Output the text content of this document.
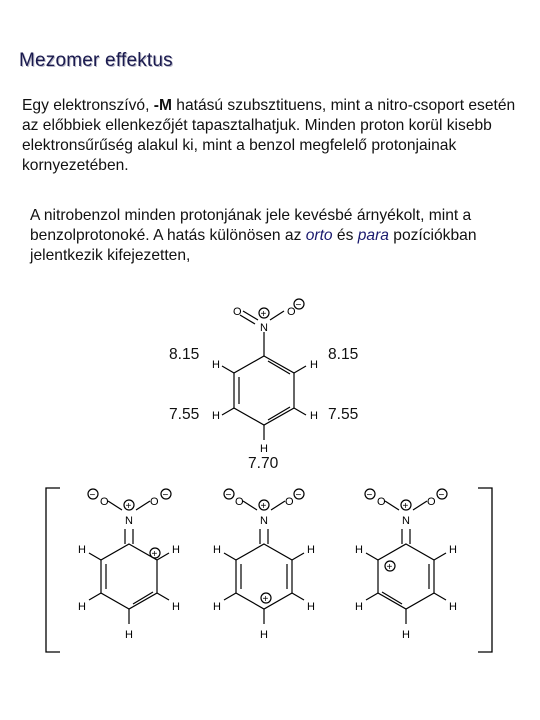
Mezomer effektus
Egy elektronszívó, -M hatású szubsztituens, mint a nitro-csoport esetén az előbbiek ellenkezőjét tapasztalhatjuk. Minden proton korül kisebb elektronsűrűség alakul ki, mint a benzol megfelelő protonjainak kornyezetében.
A nitrobenzol minden protonjának jele kevésbé árnyékolt, mint a benzolprotonoké. A hatás különösen az orto és para pozíciókban jelentkezik kifejezetten,
8.15	8.15
7.55	7.55
7.70
N
O	O
H	H
H	H
H
+
−
N
O	O
H	H
H	H
H
N
O	O
H	H
H	H
H
N
O	O
H	H
H	H
H
−
+
−
+
−
+
−
+
−
+
−
+
